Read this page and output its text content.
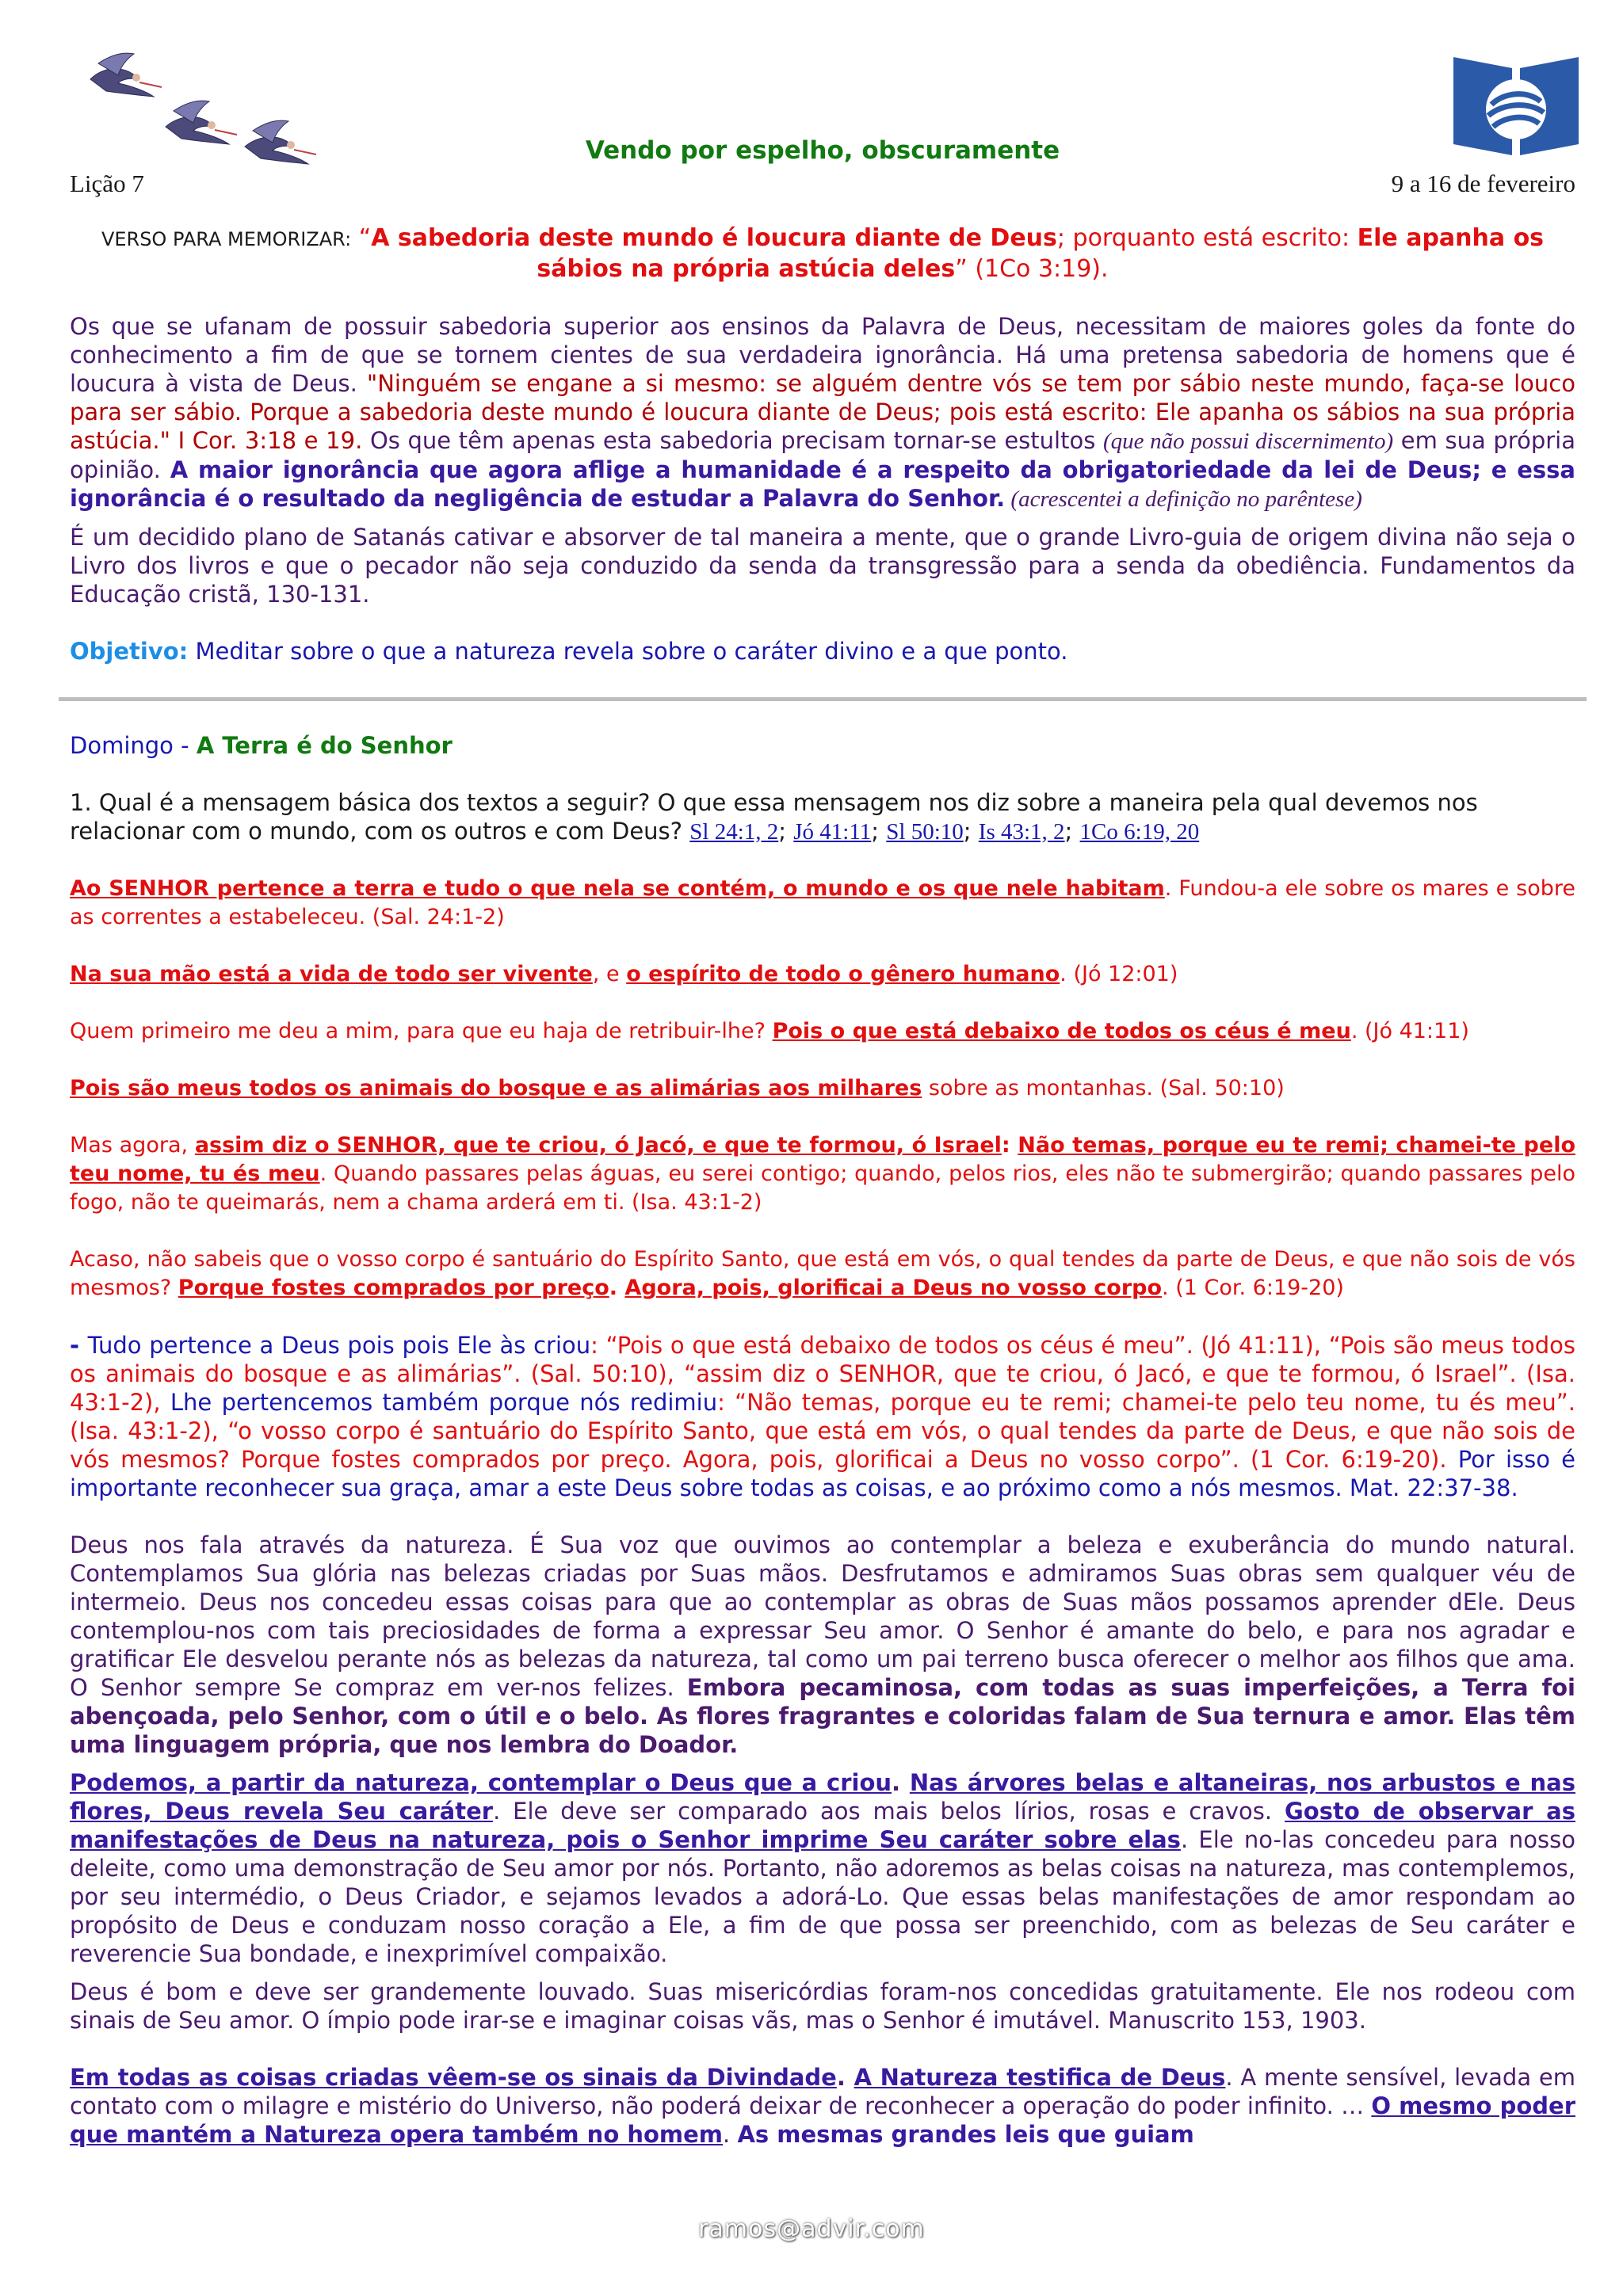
Vendo por espelho, obscuramente
Lição 7	9 a 16 de fevereiro
VERSO PARA MEMORIZAR: “A sabedoria deste mundo é loucura diante de Deus; porquanto está escrito: Ele apanha os sábios na própria astúcia deles” (1Co 3:19).

Os que se ufanam de possuir sabedoria superior aos ensinos da Palavra de Deus, necessitam de maiores goles da fonte do conhecimento a fim de que se tornem cientes de sua verdadeira ignorância. Há uma pretensa sabedoria de homens que é loucura à vista de Deus. "Ninguém se engane a si mesmo: se alguém dentre vós se tem por sábio neste mundo, faça-se louco para ser sábio. Porque a sabedoria deste mundo é loucura diante de Deus; pois está escrito: Ele apanha os sábios na sua própria astúcia." I Cor. 3:18 e 19. Os que têm apenas esta sabedoria precisam tornar-se estultos (que não possui discernimento) em sua própria opinião. A maior ignorância que agora aflige a humanidade é a respeito da obrigatoriedade da lei de Deus; e essa ignorância é o resultado da negligência de estudar a Palavra do Senhor. (acrescentei a definição no parêntese)

É um decidido plano de Satanás cativar e absorver de tal maneira a mente, que o grande Livro-guia de origem divina não seja o Livro dos livros e que o pecador não seja conduzido da senda da transgressão para a senda da obediência. Fundamentos da Educação cristã, 130-131.

Objetivo: Meditar sobre o que a natureza revela sobre o caráter divino e a que ponto.

Domingo - A Terra é do Senhor

1. Qual é a mensagem básica dos textos a seguir? O que essa mensagem nos diz sobre a maneira pela qual devemos nos relacionar com o mundo, com os outros e com Deus? Sl 24:1, 2; Jó 41:11; Sl 50:10; Is 43:1, 2; 1Co 6:19, 20

Ao SENHOR pertence a terra e tudo o que nela se contém, o mundo e os que nele habitam. Fundou-a ele sobre os mares e sobre as correntes a estabeleceu. (Sal. 24:1-2)

Na sua mão está a vida de todo ser vivente, e o espírito de todo o gênero humano. (Jó 12:01)

Quem primeiro me deu a mim, para que eu haja de retribuir-lhe? Pois o que está debaixo de todos os céus é meu. (Jó 41:11)

Pois são meus todos os animais do bosque e as alimárias aos milhares sobre as montanhas. (Sal. 50:10)

Mas agora, assim diz o SENHOR, que te criou, ó Jacó, e que te formou, ó Israel: Não temas, porque eu te remi; chamei-te pelo teu nome, tu és meu. Quando passares pelas águas, eu serei contigo; quando, pelos rios, eles não te submergirão; quando passares pelo fogo, não te queimarás, nem a chama arderá em ti. (Isa. 43:1-2)

Acaso, não sabeis que o vosso corpo é santuário do Espírito Santo, que está em vós, o qual tendes da parte de Deus, e que não sois de vós mesmos? Porque fostes comprados por preço. Agora, pois, glorificai a Deus no vosso corpo. (1 Cor. 6:19-20)

- Tudo pertence a Deus pois pois Ele às criou: “Pois o que está debaixo de todos os céus é meu”. (Jó 41:11), “Pois são meus todos os animais do bosque e as alimárias”. (Sal. 50:10), “assim diz o SENHOR, que te criou, ó Jacó, e que te formou, ó Israel”. (Isa. 43:1-2), Lhe pertencemos também porque nós redimiu: “Não temas, porque eu te remi; chamei-te pelo teu nome, tu és meu”. (Isa. 43:1-2), “o vosso corpo é santuário do Espírito Santo, que está em vós, o qual tendes da parte de Deus, e que não sois de vós mesmos? Porque fostes comprados por preço. Agora, pois, glorificai a Deus no vosso corpo”. (1 Cor. 6:19-20). Por isso é importante reconhecer sua graça, amar a este Deus sobre todas as coisas, e ao próximo como a nós mesmos. Mat. 22:37-38.

Deus nos fala através da natureza. É Sua voz que ouvimos ao contemplar a beleza e exuberância do mundo natural. Contemplamos Sua glória nas belezas criadas por Suas mãos. Desfrutamos e admiramos Suas obras sem qualquer véu de intermeio. Deus nos concedeu essas coisas para que ao contemplar as obras de Suas mãos possamos aprender dEle. Deus contemplou-nos com tais preciosidades de forma a expressar Seu amor. O Senhor é amante do belo, e para nos agradar e gratificar Ele desvelou perante nós as belezas da natureza, tal como um pai terreno busca oferecer o melhor aos filhos que ama. O Senhor sempre Se compraz em ver-nos felizes. Embora pecaminosa, com todas as suas imperfeições, a Terra foi abençoada, pelo Senhor, com o útil e o belo. As flores fragrantes e coloridas falam de Sua ternura e amor. Elas têm uma linguagem própria, que nos lembra do Doador.

Podemos, a partir da natureza, contemplar o Deus que a criou. Nas árvores belas e altaneiras, nos arbustos e nas flores, Deus revela Seu caráter. Ele deve ser comparado aos mais belos lírios, rosas e cravos. Gosto de observar as manifestações de Deus na natureza, pois o Senhor imprime Seu caráter sobre elas. Ele no-las concedeu para nosso deleite, como uma demonstração de Seu amor por nós. Portanto, não adoremos as belas coisas na natureza, mas contemplemos, por seu intermédio, o Deus Criador, e sejamos levados a adorá-Lo. Que essas belas manifestações de amor respondam ao propósito de Deus e conduzam nosso coração a Ele, a fim de que possa ser preenchido, com as belezas de Seu caráter e reverencie Sua bondade, e inexprimível compaixão.

Deus é bom e deve ser grandemente louvado. Suas misericórdias foram-nos concedidas gratuitamente. Ele nos rodeou com sinais de Seu amor. O ímpio pode irar-se e imaginar coisas vãs, mas o Senhor é imutável. Manuscrito 153, 1903.

Em todas as coisas criadas vêem-se os sinais da Divindade. A Natureza testifica de Deus. A mente sensível, levada em contato com o milagre e mistério do Universo, não poderá deixar de reconhecer a operação do poder infinito. … O mesmo poder que mantém a Natureza opera também no homem. As mesmas grandes leis que guiam

ramos@advir.com
